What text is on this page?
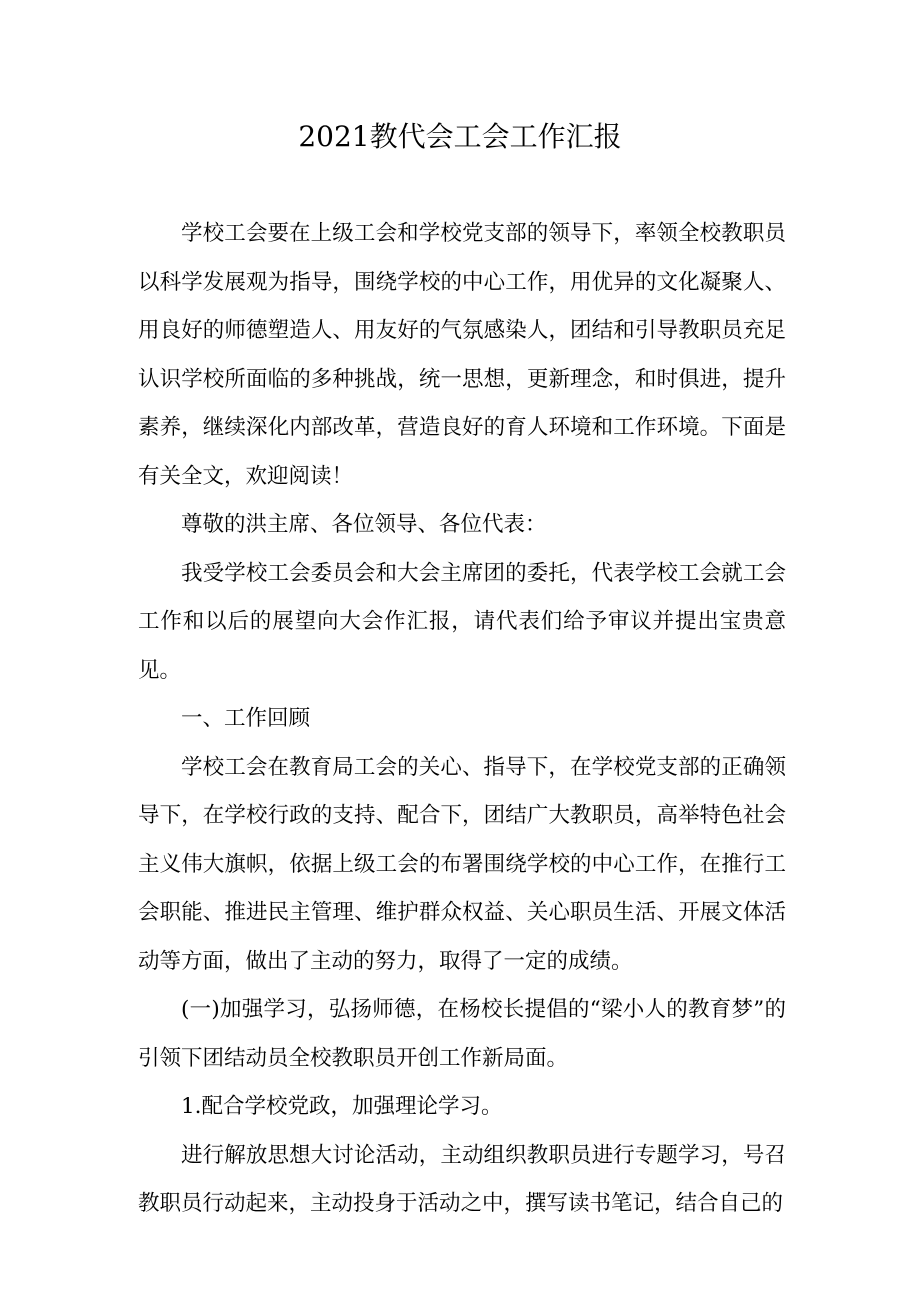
2021教代会工会工作汇报

学校工会要在上级工会和学校党支部的领导下，率领全校教职员以科学发展观为指导，围绕学校的中心工作，用优异的文化凝聚人、用良好的师德塑造人、用友好的气氛感染人，团结和引导教职员充足认识学校所面临的多种挑战，统一思想，更新理念，和时俱进，提升素养，继续深化内部改革，营造良好的育人环境和工作环境。下面是有关全文，欢迎阅读！

尊敬的洪主席、各位领导、各位代表：

我受学校工会委员会和大会主席团的委托，代表学校工会就工会工作和以后的展望向大会作汇报，请代表们给予审议并提出宝贵意见。

一、工作回顾

学校工会在教育局工会的关心、指导下，在学校党支部的正确领导下，在学校行政的支持、配合下，团结广大教职员，高举特色社会主义伟大旗帜，依据上级工会的布署围绕学校的中心工作，在推行工会职能、推进民主管理、维护群众权益、关心职员生活、开展文体活动等方面，做出了主动的努力，取得了一定的成绩。

(一)加强学习，弘扬师德，在杨校长提倡的“梁小人的教育梦”的引领下团结动员全校教职员开创工作新局面。

1.配合学校党政，加强理论学习。

进行解放思想大讨论活动，主动组织教职员进行专题学习，号召教职员行动起来，主动投身于活动之中，撰写读书笔记，结合自己的
